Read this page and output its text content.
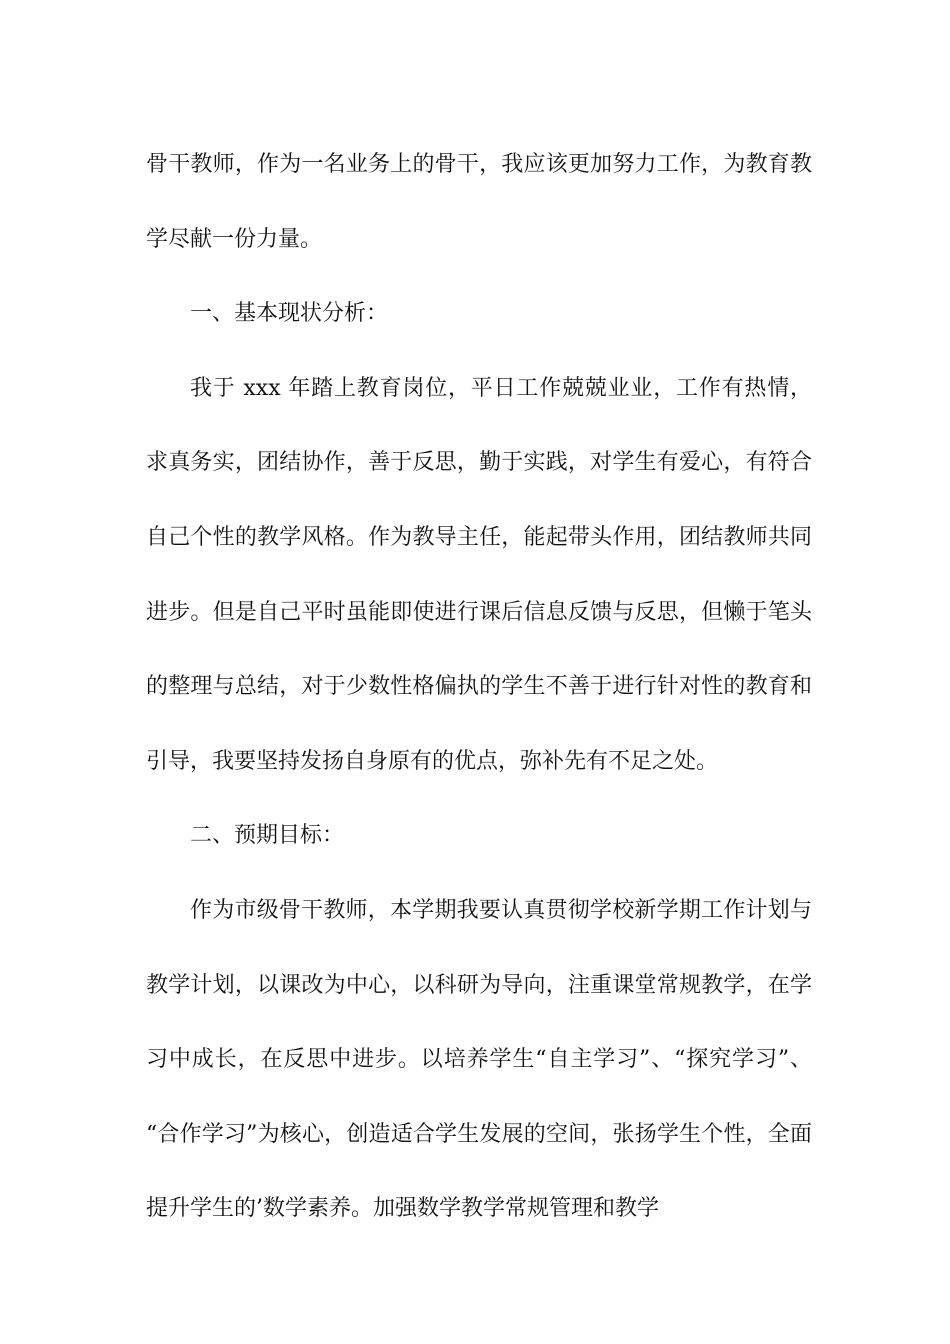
骨干教师，作为一名业务上的骨干，我应该更加努力工作，为教育教学尽献一份力量。

一、基本现状分析：

我于 xxx 年踏上教育岗位，平日工作兢兢业业，工作有热情，求真务实，团结协作，善于反思，勤于实践，对学生有爱心，有符合自己个性的教学风格。作为教导主任，能起带头作用，团结教师共同进步。但是自己平时虽能即使进行课后信息反馈与反思，但懒于笔头的整理与总结，对于少数性格偏执的学生不善于进行针对性的教育和引导，我要坚持发扬自身原有的优点，弥补先有不足之处。

二、预期目标：

作为市级骨干教师，本学期我要认真贯彻学校新学期工作计划与教学计划，以课改为中心，以科研为导向，注重课堂常规教学，在学习中成长，在反思中进步。以培养学生“自主学习”、“探究学习”、 “合作学习”为核心，创造适合学生发展的空间，张扬学生个性，全面提升学生的’数学素养。加强数学教学常规管理和教学
